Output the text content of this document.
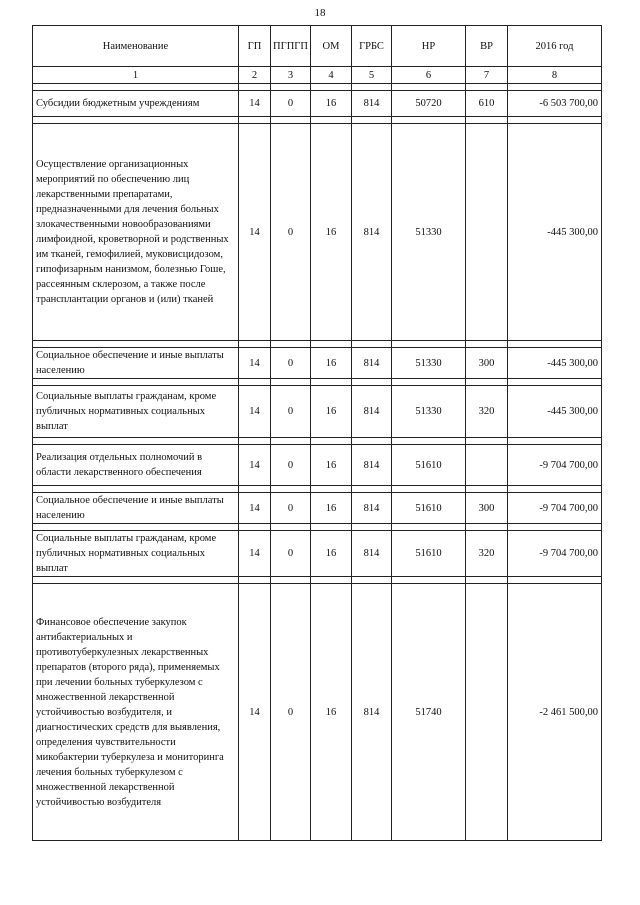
18
Наименование	ГП	ПГПГП	ОМ	ГРБС	НР	ВР	2016 год
1	2	3	4	5	6	7	8

Субсидии бюджетным учреждениям	14	0	16	814	50720	610	-6 503 700,00

Осуществление организационных мероприятий по обеспечению лиц лекарственными препаратами, предназначенными для лечения больных злокачественными новообразованиями лимфоидной, кроветворной и родственных им тканей, гемофилией, муковисцидозом, гипофизарным нанизмом, болезнью Гоше, рассеянным склерозом, а также после трансплантации органов и (или) тканей	14	0	16	814	51330		-445 300,00

Социальное обеспечение и иные выплаты населению	14	0	16	814	51330	300	-445 300,00

Социальные выплаты гражданам, кроме публичных нормативных социальных выплат	14	0	16	814	51330	320	-445 300,00

Реализация отдельных полномочий в области лекарственного обеспечения	14	0	16	814	51610		-9 704 700,00

Социальное обеспечение и иные выплаты населению	14	0	16	814	51610	300	-9 704 700,00

Социальные выплаты гражданам, кроме публичных нормативных социальных выплат	14	0	16	814	51610	320	-9 704 700,00

Финансовое обеспечение закупок антибактериальных и противотуберкулезных лекарственных препаратов (второго ряда), применяемых при лечении больных туберкулезом с множественной лекарственной устойчивостью возбудителя, и диагностических средств для выявления, определения чувствительности микобактерии туберкулеза и мониторинга лечения больных туберкулезом с множественной лекарственной устойчивостью возбудителя	14	0	16	814	51740		-2 461 500,00
